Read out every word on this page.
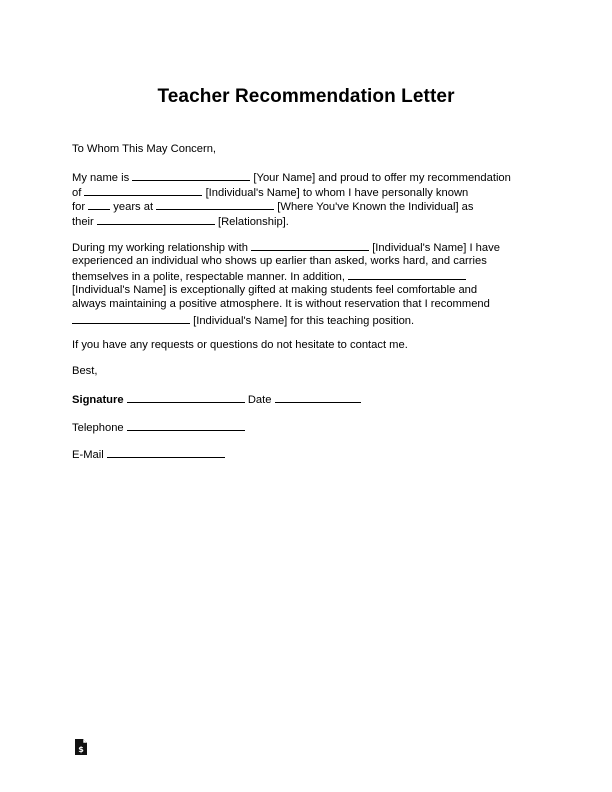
Teacher Recommendation Letter
To Whom This May Concern,
My name is	[Your Name] and proud to offer my recommendation
of	[Individual's Name] to whom I have personally known
for	years at	[Where You've Known the Individual] as
their	[Relationship].
During my working relationship with	[Individual's Name] I have
experienced an individual who shows up earlier than asked, works hard, and carries
themselves in a polite, respectable manner. In addition,
[Individual's Name] is exceptionally gifted at making students feel comfortable and
always maintaining a positive atmosphere. It is without reservation that I recommend
[Individual's Name] for this teaching position.
If you have any requests or questions do not hesitate to contact me.
Best,
Signature	Date
Telephone
E-Mail
$
